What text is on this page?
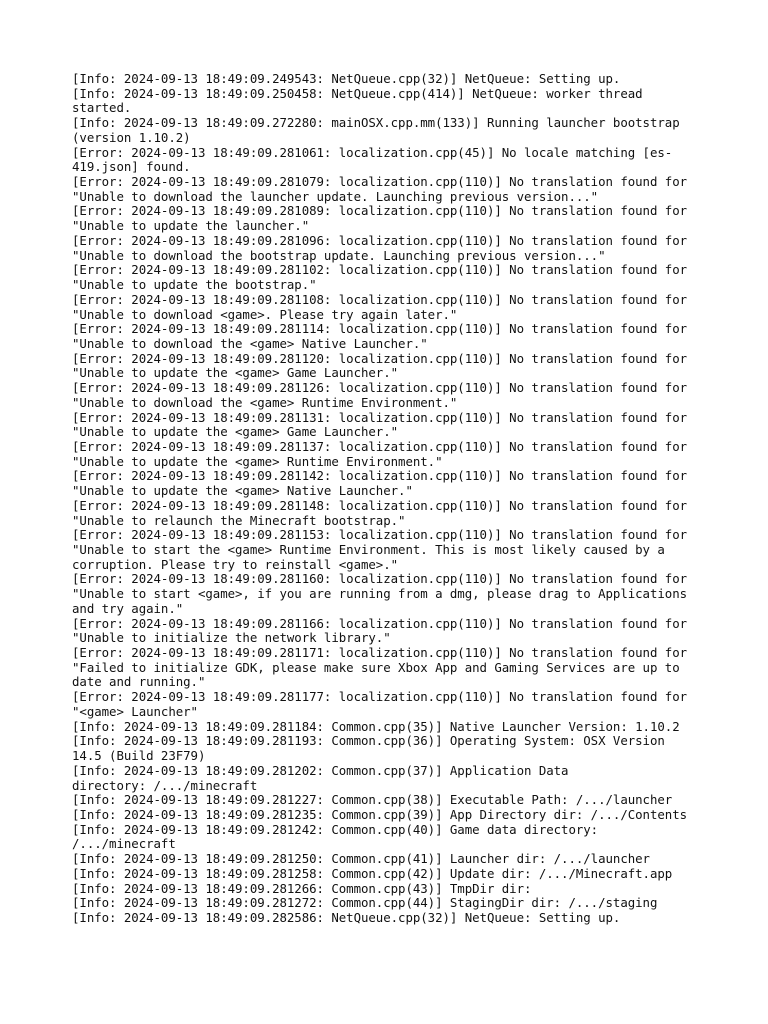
[Info: 2024-09-13 18:49:09.249543: NetQueue.cpp(32)] NetQueue: Setting up.

[Info: 2024-09-13 18:49:09.250458: NetQueue.cpp(414)] NetQueue: worker thread
started.

[Info: 2024-09-13 18:49:09.272280: mainOSX.cpp.mm(133)] Running launcher bootstrap
(version 1.10.2)

[Error: 2024-09-13 18:49:09.281061: localization.cpp(45)] No locale matching [es-
419.json] found.

[Error: 2024-09-13 18:49:09.281079: localization.cpp(110)] No translation found for
"Unable to download the launcher update. Launching previous version..."

[Error: 2024-09-13 18:49:09.281089: localization.cpp(110)] No translation found for
"Unable to update the launcher."

[Error: 2024-09-13 18:49:09.281096: localization.cpp(110)] No translation found for
"Unable to download the bootstrap update. Launching previous version..."

[Error: 2024-09-13 18:49:09.281102: localization.cpp(110)] No translation found for
"Unable to update the bootstrap."

[Error: 2024-09-13 18:49:09.281108: localization.cpp(110)] No translation found for
"Unable to download <game>. Please try again later."

[Error: 2024-09-13 18:49:09.281114: localization.cpp(110)] No translation found for
"Unable to download the <game> Native Launcher."

[Error: 2024-09-13 18:49:09.281120: localization.cpp(110)] No translation found for
"Unable to update the <game> Game Launcher."

[Error: 2024-09-13 18:49:09.281126: localization.cpp(110)] No translation found for
"Unable to download the <game> Runtime Environment."

[Error: 2024-09-13 18:49:09.281131: localization.cpp(110)] No translation found for
"Unable to update the <game> Game Launcher."

[Error: 2024-09-13 18:49:09.281137: localization.cpp(110)] No translation found for
"Unable to update the <game> Runtime Environment."

[Error: 2024-09-13 18:49:09.281142: localization.cpp(110)] No translation found for
"Unable to update the <game> Native Launcher."

[Error: 2024-09-13 18:49:09.281148: localization.cpp(110)] No translation found for
"Unable to relaunch the Minecraft bootstrap."

[Error: 2024-09-13 18:49:09.281153: localization.cpp(110)] No translation found for
"Unable to start the <game> Runtime Environment. This is most likely caused by a
corruption. Please try to reinstall <game>."

[Error: 2024-09-13 18:49:09.281160: localization.cpp(110)] No translation found for
"Unable to start <game>, if you are running from a dmg, please drag to Applications
and try again."

[Error: 2024-09-13 18:49:09.281166: localization.cpp(110)] No translation found for
"Unable to initialize the network library."

[Error: 2024-09-13 18:49:09.281171: localization.cpp(110)] No translation found for
"Failed to initialize GDK, please make sure Xbox App and Gaming Services are up to
date and running."

[Error: 2024-09-13 18:49:09.281177: localization.cpp(110)] No translation found for
"<game> Launcher"

[Info: 2024-09-13 18:49:09.281184: Common.cpp(35)] Native Launcher Version: 1.10.2

[Info: 2024-09-13 18:49:09.281193: Common.cpp(36)] Operating System: OSX Version
14.5 (Build 23F79)

[Info: 2024-09-13 18:49:09.281202: Common.cpp(37)] Application Data
directory: /.../minecraft

[Info: 2024-09-13 18:49:09.281227: Common.cpp(38)] Executable Path: /.../launcher

[Info: 2024-09-13 18:49:09.281235: Common.cpp(39)] App Directory dir: /.../Contents

[Info: 2024-09-13 18:49:09.281242: Common.cpp(40)] Game data directory:
/.../minecraft

[Info: 2024-09-13 18:49:09.281250: Common.cpp(41)] Launcher dir: /.../launcher

[Info: 2024-09-13 18:49:09.281258: Common.cpp(42)] Update dir: /.../Minecraft.app

[Info: 2024-09-13 18:49:09.281266: Common.cpp(43)] TmpDir dir:

[Info: 2024-09-13 18:49:09.281272: Common.cpp(44)] StagingDir dir: /.../staging

[Info: 2024-09-13 18:49:09.282586: NetQueue.cpp(32)] NetQueue: Setting up.
